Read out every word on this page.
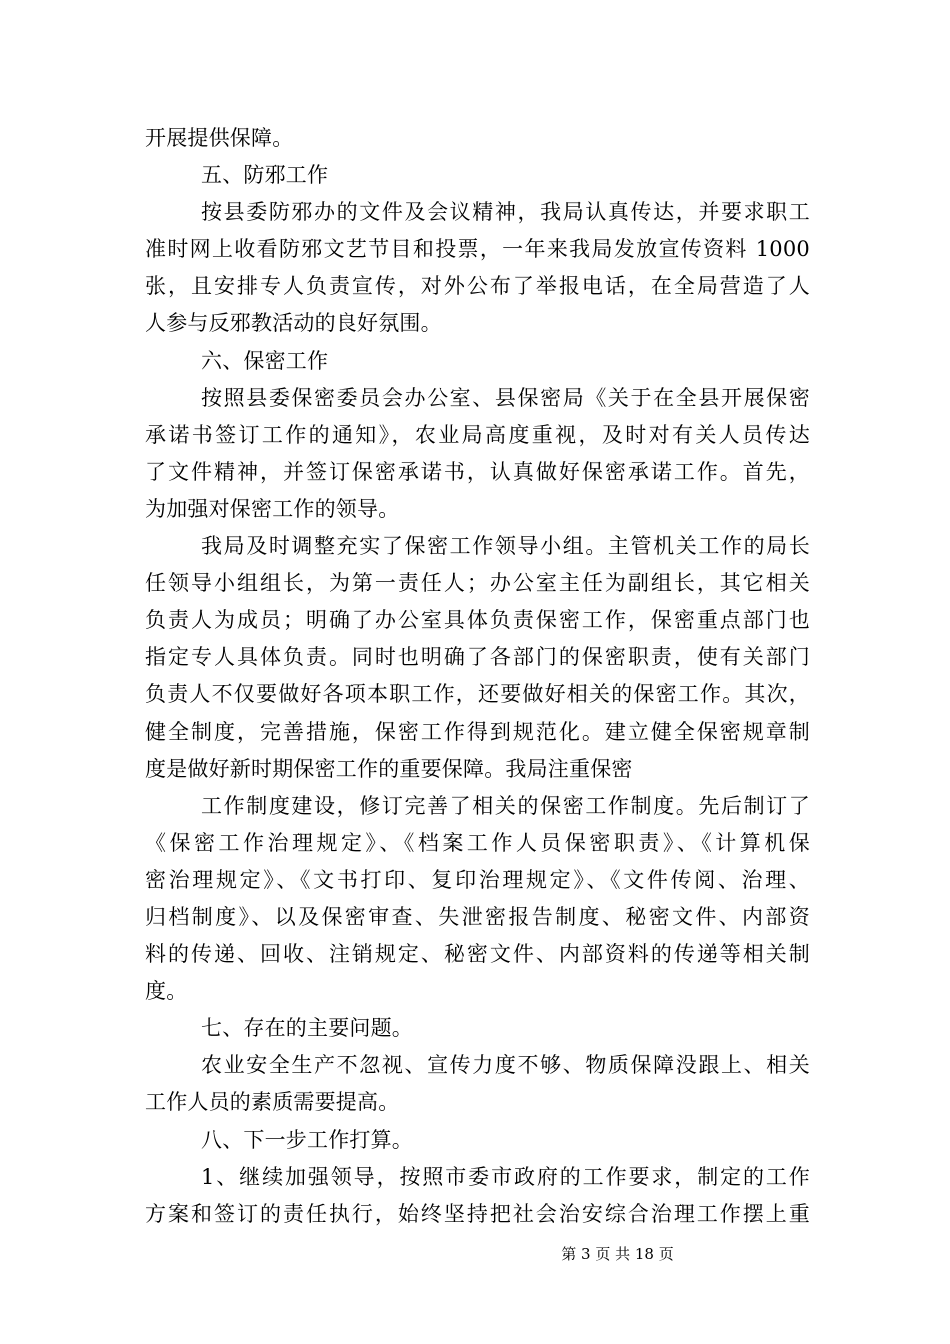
开展提供保障。
五、防邪工作
按县委防邪办的文件及会议精神，我局认真传达，并要求职工
准时网上收看防邪文艺节目和投票，一年来我局发放宣传资料 1000
张，且安排专人负责宣传，对外公布了举报电话，在全局营造了人
人参与反邪教活动的良好氛围。
六、保密工作
按照县委保密委员会办公室、县保密局《关于在全县开展保密
承诺书签订工作的通知》，农业局高度重视，及时对有关人员传达
了文件精神，并签订保密承诺书，认真做好保密承诺工作。首先，
为加强对保密工作的领导。
我局及时调整充实了保密工作领导小组。主管机关工作的局长
任领导小组组长，为第一责任人；办公室主任为副组长，其它相关
负责人为成员；明确了办公室具体负责保密工作，保密重点部门也
指定专人具体负责。同时也明确了各部门的保密职责，使有关部门
负责人不仅要做好各项本职工作，还要做好相关的保密工作。其次，
健全制度，完善措施，保密工作得到规范化。建立健全保密规章制
度是做好新时期保密工作的重要保障。我局注重保密
工作制度建设，修订完善了相关的保密工作制度。先后制订了
《保密工作治理规定》、《档案工作人员保密职责》、《计算机保
密治理规定》、《文书打印、复印治理规定》、《文件传阅、治理、
归档制度》、以及保密审查、失泄密报告制度、秘密文件、内部资
料的传递、回收、注销规定、秘密文件、内部资料的传递等相关制
度。
七、存在的主要问题。
农业安全生产不忽视、宣传力度不够、物质保障没跟上、相关
工作人员的素质需要提高。
八、下一步工作打算。
1、继续加强领导，按照市委市政府的工作要求，制定的工作
方案和签订的责任执行，始终坚持把社会治安综合治理工作摆上重
第 3 页 共 18 页
